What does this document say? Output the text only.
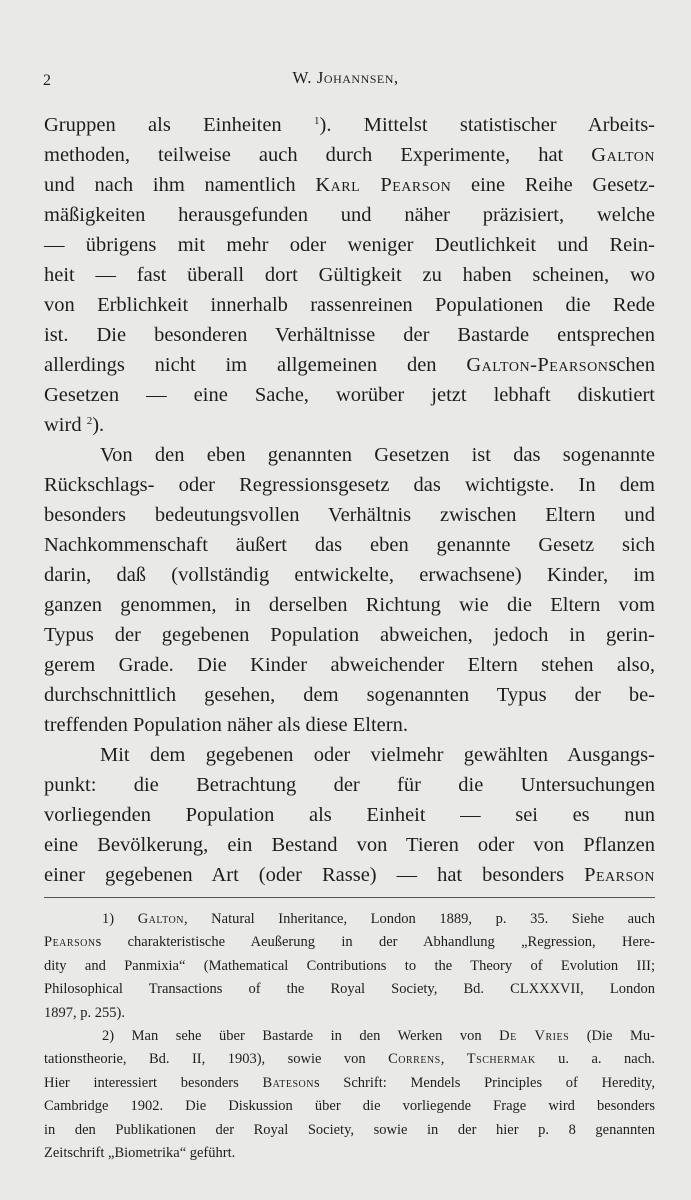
2	W. Johannsen,
Gruppen als Einheiten $^1$). Mittelst statistischer Arbeits-
methoden, teilweise auch durch Experimente, hat Galton
und nach ihm namentlich Karl Pearson eine Reihe Gesetz-
mäßigkeiten herausgefunden und näher präzisiert, welche
— übrigens mit mehr oder weniger Deutlichkeit und Rein-
heit — fast überall dort Gültigkeit zu haben scheinen, wo
von Erblichkeit innerhalb rassenreinen Populationen die Rede
ist. Die besonderen Verhältnisse der Bastarde entsprechen
allerdings nicht im allgemeinen den Galton-Pearsonschen
Gesetzen — eine Sache, worüber jetzt lebhaft diskutiert
wird $^2$).
Von den eben genannten Gesetzen ist das sogenannte
Rückschlags- oder Regressionsgesetz das wichtigste. In dem
besonders bedeutungsvollen Verhältnis zwischen Eltern und
Nachkommenschaft äußert das eben genannte Gesetz sich
darin, daß (vollständig entwickelte, erwachsene) Kinder, im
ganzen genommen, in derselben Richtung wie die Eltern vom
Typus der gegebenen Population abweichen, jedoch in gerin-
gerem Grade. Die Kinder abweichender Eltern stehen also,
durchschnittlich gesehen, dem sogenannten Typus der be-
treffenden Population näher als diese Eltern.
Mit dem gegebenen oder vielmehr gewählten Ausgangs-
punkt: die Betrachtung der für die Untersuchungen
vorliegenden Population als Einheit — sei es nun
eine Bevölkerung, ein Bestand von Tieren oder von Pflanzen
einer gegebenen Art (oder Rasse) — hat besonders Pearson
1) Galton, Natural Inheritance, London 1889, p. 35. Siehe auch
Pearsons charakteristische Aeußerung in der Abhandlung „Regression, Here-
dity and Panmixia“ (Mathematical Contributions to the Theory of Evolution III;
Philosophical Transactions of the Royal Society, Bd. CLXXXVII, London
1897, p. 255).
2) Man sehe über Bastarde in den Werken von De Vries (Die Mu-
tationstheorie, Bd. II, 1903), sowie von Correns, Tschermak u. a. nach.
Hier interessiert besonders Batesons Schrift: Mendels Principles of Heredity,
Cambridge 1902. Die Diskussion über die vorliegende Frage wird besonders
in den Publikationen der Royal Society, sowie in der hier p. 8 genannten
Zeitschrift „Biometrika“ geführt.
